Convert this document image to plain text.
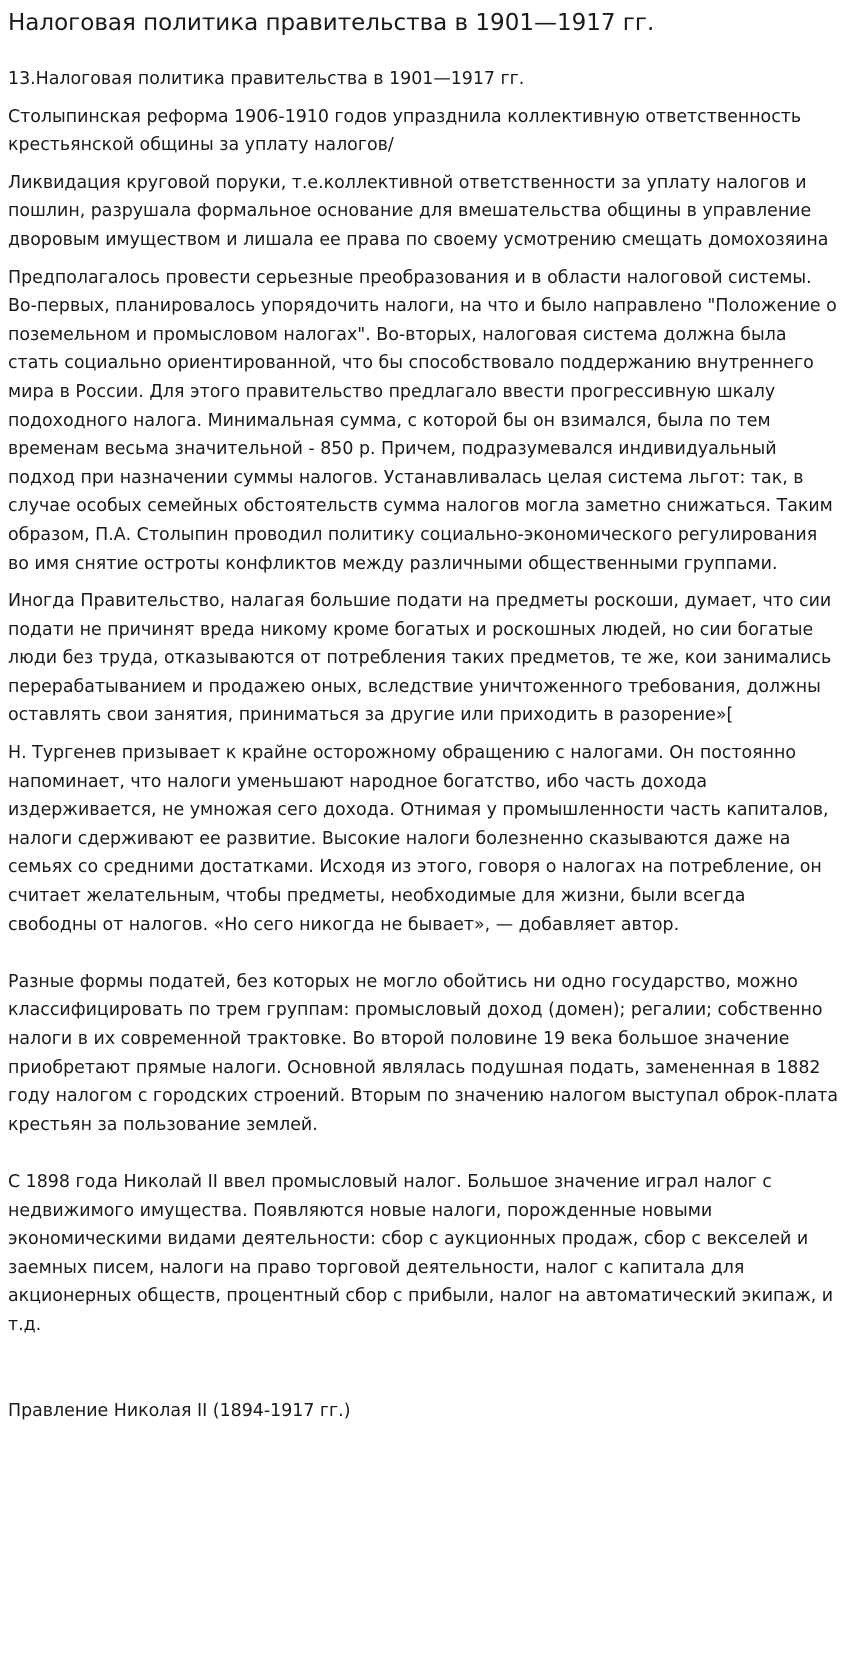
Налоговая политика правительства в 1901—1917 гг.

13.Налоговая политика правительства в 1901—1917 гг.

Столыпинская реформа 1906-1910 годов упразднила коллективную ответственность крестьянской общины за уплату налогов/

Ликвидация круговой поруки, т.е.коллективной ответственности за уплату налогов и пошлин, разрушала формальное основание для вмешательства общины в управление дворовым имуществом и лишала ее права по своему усмотрению смещать домохозяина

Предполагалось провести серьезные преобразования и в области налоговой системы. Во-первых, планировалось упорядочить налоги, на что и было направлено "Положение о поземельном и промысловом налогах". Во-вторых, налоговая система должна была стать социально ориентированной, что бы способствовало поддержанию внутреннего мира в России. Для этого правительство предлагало ввести прогрессивную шкалу подоходного налога. Минимальная сумма, с которой бы он взимался, была по тем временам весьма значительной - 850 р. Причем, подразумевался индивидуальный подход при назначении суммы налогов. Устанавливалась целая система льгот: так, в случае особых семейных обстоятельств сумма налогов могла заметно снижаться. Таким образом, П.А. Столыпин проводил политику социально-экономического регулирования во имя снятие остроты конфликтов между различными общественными группами.

Иногда Правительство, налагая большие подати на предметы роскоши, думает, что сии подати не причинят вреда никому кроме богатых и роскошных людей, но сии богатые люди без труда, отказываются от потребления таких предметов, те же, кои занимались перерабатыванием и продажею оных, вследствие уничтоженного требования, должны оставлять свои занятия, приниматься за другие или приходить в разорение»[

Н. Тургенев призывает к крайне осторожному обращению с налогами. Он постоянно напоминает, что налоги уменьшают народное богатство, ибо часть дохода издерживается, не умножая сего дохода. Отнимая у промышленности часть капиталов, налоги сдерживают ее развитие. Высокие налоги болезненно сказываются даже на семьях со средними достатками. Исходя из этого, говоря о налогах на потребление, он считает желательным, чтобы предметы, необходимые для жизни, были всегда свободны от налогов. «Но сего никогда не бывает», — добавляет автор.

Разные формы податей, без которых не могло обойтись ни одно государство, можно классифицировать по трем группам: промысловый доход (домен); регалии; собственно налоги в их современной трактовке. Во второй половине 19 века большое значение приобретают прямые налоги. Основной являлась подушная подать, замененная в 1882 году налогом с городских строений. Вторым по значению налогом выступал оброк-плата крестьян за пользование землей.

С 1898 года Николай II ввел промысловый налог. Большое значение играл налог с недвижимого имущества. Появляются новые налоги, порожденные новыми экономическими видами деятельности: сбор с аукционных продаж, сбор с векселей и заемных писем, налоги на право торговой деятельности, налог с капитала для акционерных обществ, процентный сбор с прибыли, налог на автоматический экипаж, и т.д.

Правление Николая II (1894-1917 гг.)
